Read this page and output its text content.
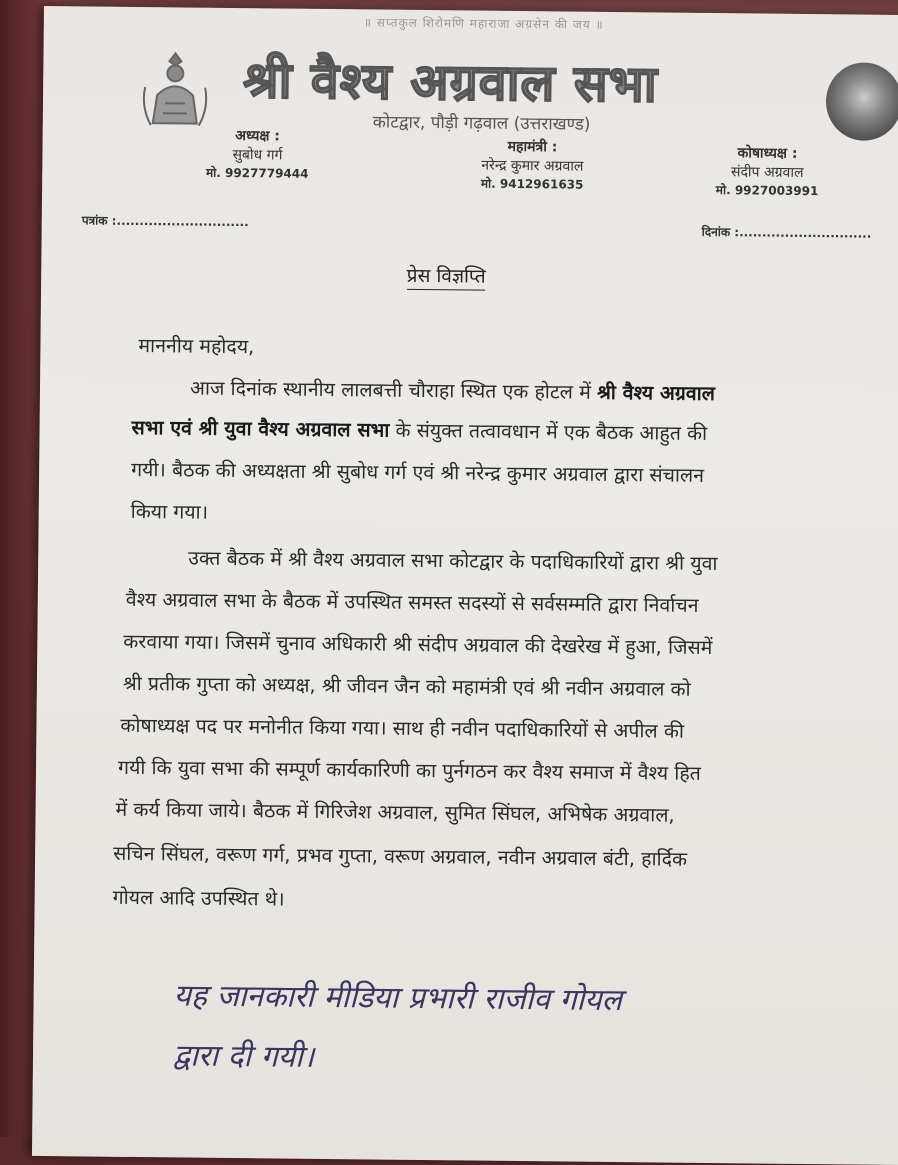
॥ सप्तकुल शिरोमणि महाराजा अग्रसेन की जय ॥
श्री वैश्य अग्रवाल सभा
कोटद्वार, पौड़ी गढ़वाल (उत्तराखण्ड)
अध्यक्ष :
सुबोध गर्ग
मो. 9927779444
महामंत्री :
नरेन्द्र कुमार अग्रवाल
मो. 9412961635
कोषाध्यक्ष :
संदीप अग्रवाल
मो. 9927003991
पत्रांक :.............................
दिनांक :.............................
प्रेस विज्ञप्ति
माननीय महोदय,
आज दिनांक स्थानीय लालबत्ती चौराहा स्थित एक होटल में श्री वैश्य अग्रवाल
सभा एवं श्री युवा वैश्य अग्रवाल सभा के संयुक्त तत्वावधान में एक बैठक आहुत की
गयी। बैठक की अध्यक्षता श्री सुबोध गर्ग एवं श्री नरेन्द्र कुमार अग्रवाल द्वारा संचालन
किया गया।
उक्त बैठक में श्री वैश्य अग्रवाल सभा कोटद्वार के पदाधिकारियों द्वारा श्री युवा
वैश्य अग्रवाल सभा के बैठक में उपस्थित समस्त सदस्यों से सर्वसम्मति द्वारा निर्वाचन
करवाया गया। जिसमें चुनाव अधिकारी श्री संदीप अग्रवाल की देखरेख में हुआ, जिसमें
श्री प्रतीक गुप्ता को अध्यक्ष, श्री जीवन जैन को महामंत्री एवं श्री नवीन अग्रवाल को
कोषाध्यक्ष पद पर मनोनीत किया गया। साथ ही नवीन पदाधिकारियों से अपील की
गयी कि युवा सभा की सम्पूर्ण कार्यकारिणी का पुर्नगठन कर वैश्य समाज में वैश्य हित
में कर्य किया जाये। बैठक में गिरिजेश अग्रवाल, सुमित सिंघल, अभिषेक अग्रवाल,
सचिन सिंघल, वरूण गर्ग, प्रभव गुप्ता, वरूण अग्रवाल, नवीन अग्रवाल बंटी, हार्दिक
गोयल आदि उपस्थित थे।
यह जानकारी मीडिया प्रभारी राजीव गोयल
द्वारा दी गयी।
